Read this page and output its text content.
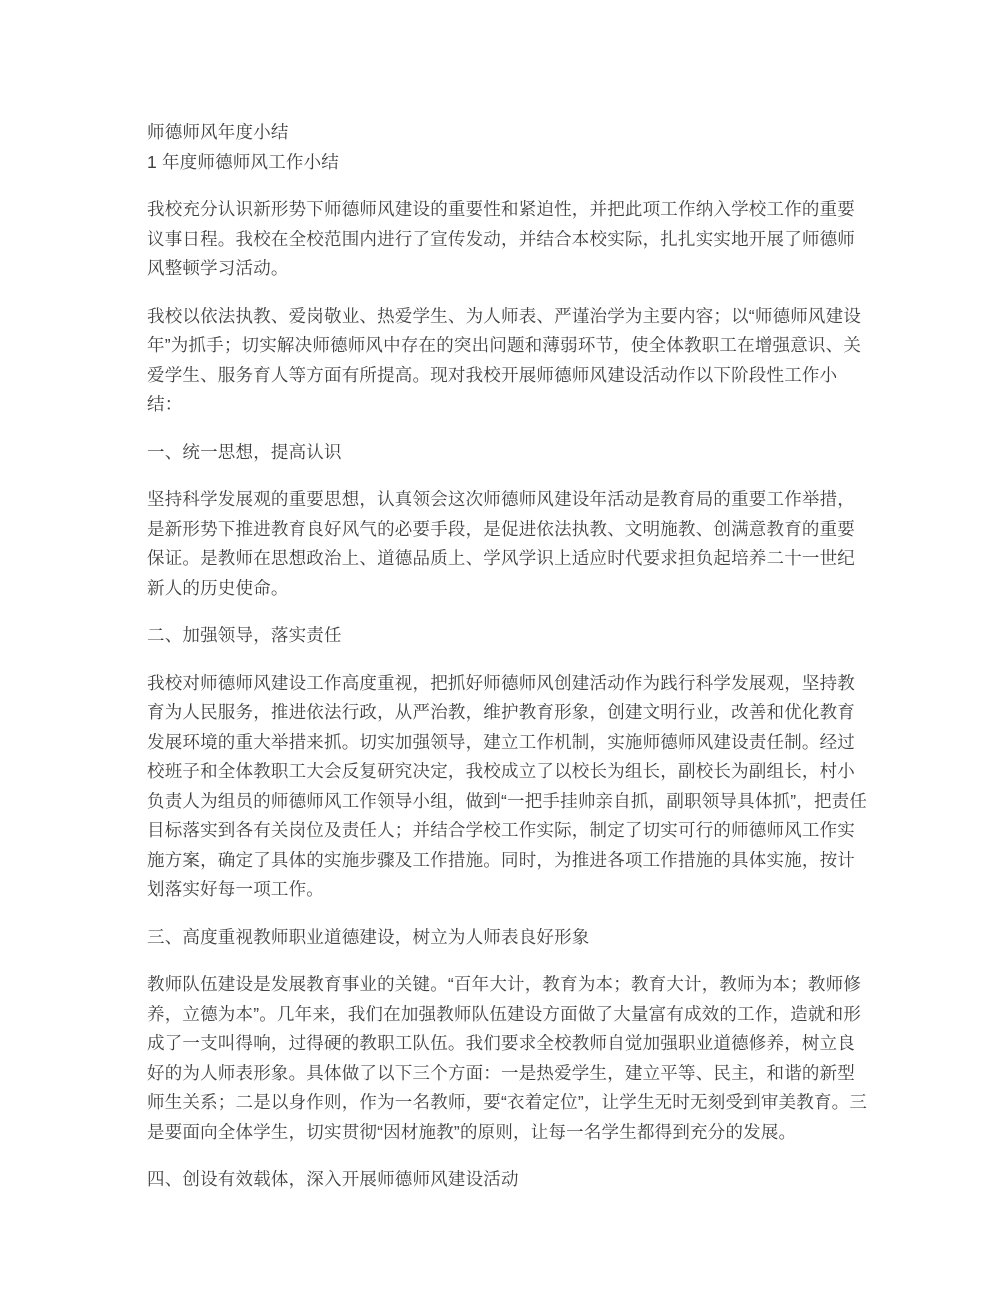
师德师风年度小结

1 年度师德师风工作小结

我校充分认识新形势下师德师风建设的重要性和紧迫性，并把此项工作纳入学校工作的重要议事日程。我校在全校范围内进行了宣传发动，并结合本校实际，扎扎实实地开展了师德师风整顿学习活动。

我校以依法执教、爱岗敬业、热爱学生、为人师表、严谨治学为主要内容；以“师德师风建设年”为抓手；切实解决师德师风中存在的突出问题和薄弱环节，使全体教职工在增强意识、关爱学生、服务育人等方面有所提高。现对我校开展师德师风建设活动作以下阶段性工作小结：

一、统一思想，提高认识

坚持科学发展观的重要思想，认真领会这次师德师风建设年活动是教育局的重要工作举措，是新形势下推进教育良好风气的必要手段，是促进依法执教、文明施教、创满意教育的重要保证。是教师在思想政治上、道德品质上、学风学识上适应时代要求担负起培养二十一世纪新人的历史使命。

二、加强领导，落实责任

我校对师德师风建设工作高度重视，把抓好师德师风创建活动作为践行科学发展观，坚持教育为人民服务，推进依法行政，从严治教，维护教育形象，创建文明行业，改善和优化教育发展环境的重大举措来抓。切实加强领导，建立工作机制，实施师德师风建设责任制。经过校班子和全体教职工大会反复研究决定，我校成立了以校长为组长，副校长为副组长，村小负责人为组员的师德师风工作领导小组，做到“一把手挂帅亲自抓，副职领导具体抓”，把责任目标落实到各有关岗位及责任人；并结合学校工作实际，制定了切实可行的师德师风工作实施方案，确定了具体的实施步骤及工作措施。同时，为推进各项工作措施的具体实施，按计划落实好每一项工作。

三、高度重视教师职业道德建设，树立为人师表良好形象

教师队伍建设是发展教育事业的关键。“百年大计，教育为本；教育大计，教师为本；教师修养，立德为本”。几年来，我们在加强教师队伍建设方面做了大量富有成效的工作，造就和形成了一支叫得响，过得硬的教职工队伍。我们要求全校教师自觉加强职业道德修养，树立良好的为人师表形象。具体做了以下三个方面：一是热爱学生，建立平等、民主，和谐的新型师生关系；二是以身作则，作为一名教师，要“衣着定位”，让学生无时无刻受到审美教育。三是要面向全体学生，切实贯彻“因材施教”的原则，让每一名学生都得到充分的发展。

四、创设有效载体，深入开展师德师风建设活动
